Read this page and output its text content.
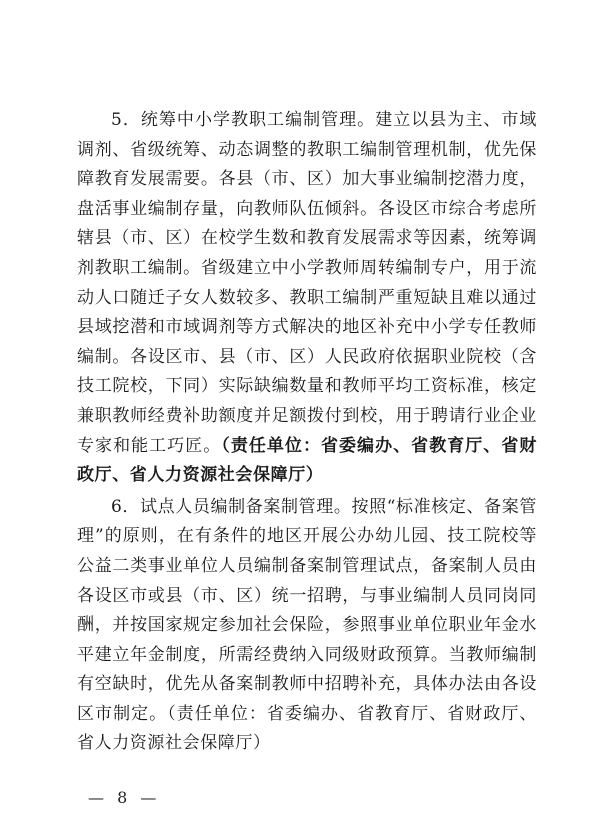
5．统筹中小学教职工编制管理。建立以县为主、市域调剂、省级统筹、动态调整的教职工编制管理机制，优先保障教育发展需要。各县（市、区）加大事业编制挖潜力度，盘活事业编制存量，向教师队伍倾斜。各设区市综合考虑所辖县（市、区）在校学生数和教育发展需求等因素，统筹调剂教职工编制。省级建立中小学教师周转编制专户，用于流动人口随迁子女人数较多、教职工编制严重短缺且难以通过县域挖潜和市域调剂等方式解决的地区补充中小学专任教师编制。各设区市、县（市、区）人民政府依据职业院校（含技工院校，下同）实际缺编数量和教师平均工资标准，核定兼职教师经费补助额度并足额拨付到校，用于聘请行业企业专家和能工巧匠。（责任单位：省委编办、省教育厅、省财政厅、省人力资源社会保障厅）

6．试点人员编制备案制管理。按照“标准核定、备案管理”的原则，在有条件的地区开展公办幼儿园、技工院校等公益二类事业单位人员编制备案制管理试点，备案制人员由各设区市或县（市、区）统一招聘，与事业编制人员同岗同酬，并按国家规定参加社会保险，参照事业单位职业年金水平建立年金制度，所需经费纳入同级财政预算。当教师编制有空缺时，优先从备案制教师中招聘补充，具体办法由各设区市制定。（责任单位：省委编办、省教育厅、省财政厅、省人力资源社会保障厅）

— 8 —
